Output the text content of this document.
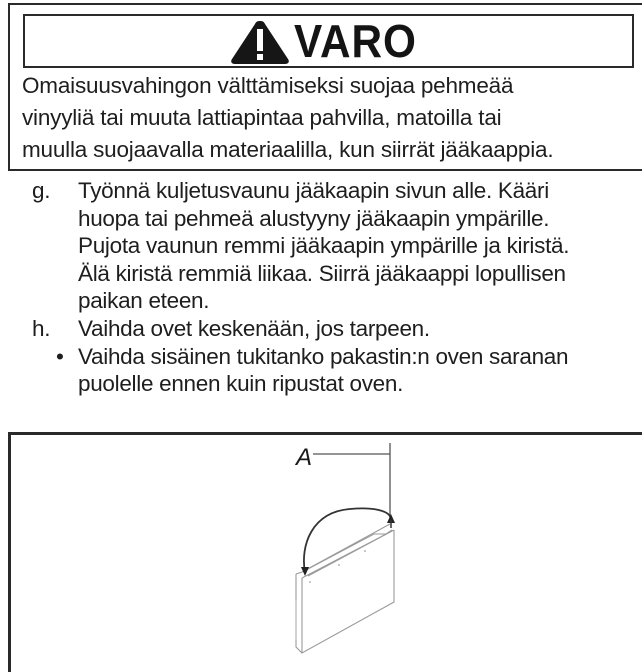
VARO
Omaisuusvahingon välttämiseksi suojaa pehmeää
vinyyliä tai muuta lattiapintaa pahvilla, matoilla tai
muulla suojaavalla materiaalilla, kun siirrät jääkaappia.
g. Työnnä kuljetusvaunu jääkaapin sivun alle. Kääri
huopa tai pehmeä alustyyny jääkaapin ympärille.
Pujota vaunun remmi jääkaapin ympärille ja kiristä.
Älä kiristä remmiä liikaa. Siirrä jääkaappi lopullisen
paikan eteen.
h. Vaihda ovet keskenään, jos tarpeen.
• Vaihda sisäinen tukitanko pakastin:n oven saranan
puolelle ennen kuin ripustat oven.
A
